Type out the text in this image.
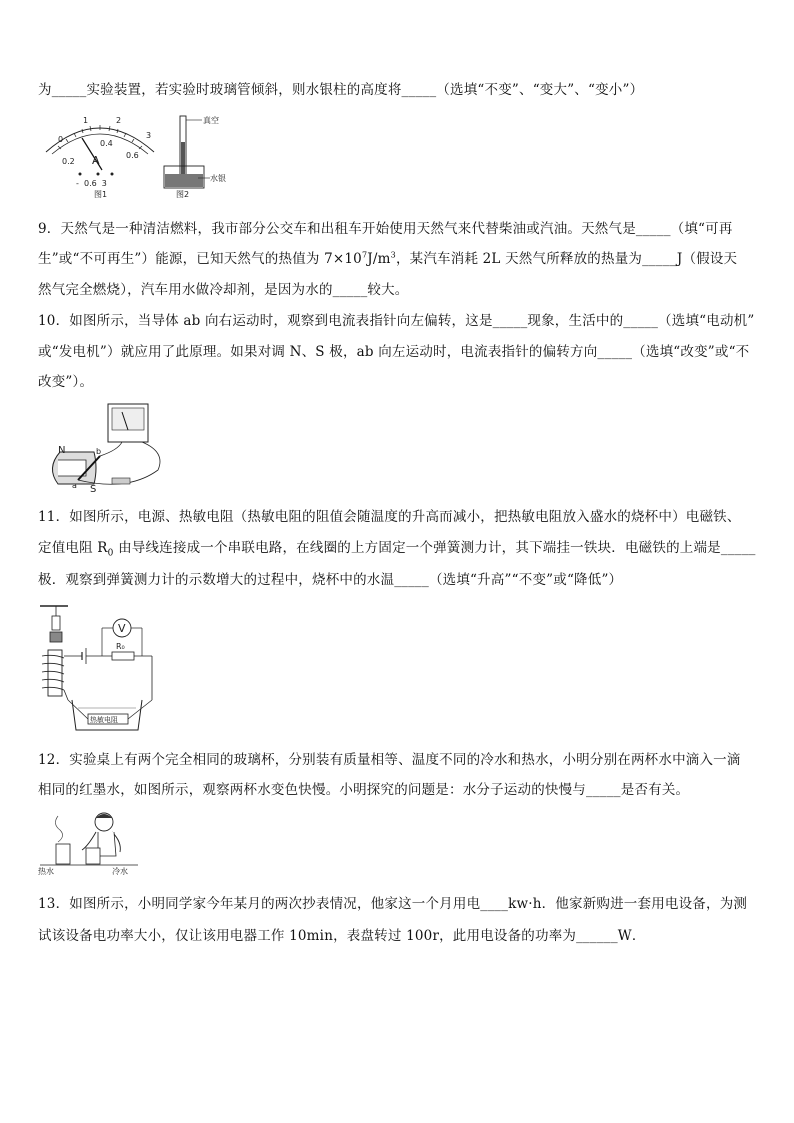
为_____实验装置，若实验时玻璃管倾斜，则水银柱的高度将_____（选填“不变”、“变大”、“变小”）
0
1	2
3
0.2
0.4
0.6
A
-  0.6  3
图1
真空
水银
图2
9．天然气是一种清洁燃料，我市部分公交车和出租车开始使用天然气来代替柴油或汽油。天然气是_____（填“可再
生”或“不可再生”）能源，已知天然气的热值为 $7\times 10^7J/m^3$，某汽车消耗 2L 天然气所释放的热量为_____J（假设天
然气完全燃烧），汽车用水做冷却剂，是因为水的_____较大。
10．如图所示，当导体 ab 向右运动时，观察到电流表指针向左偏转，这是_____现象，生活中的_____（选填“电动机”
或“发电机”）就应用了此原理。如果对调 N、S 极，ab 向左运动时，电流表指针的偏转方向_____（选填“改变”或“不
改变”）。
N
S
b
a
11．如图所示，电源、热敏电阻（热敏电阻的阻值会随温度的升高而减小，把热敏电阻放入盛水的烧杯中）电磁铁、
定值电阻 $R_0$ 由导线连接成一个串联电路，在线圈的上方固定一个弹簧测力计，其下端挂一铁块．电磁铁的上端是_____
极．观察到弹簧测力计的示数增大的过程中，烧杯中的水温_____（选填“升高”“不变”或“降低”）
R₀
V
热敏电阻
12．实验桌上有两个完全相同的玻璃杯，分别装有质量相等、温度不同的冷水和热水，小明分别在两杯水中滴入一滴
相同的红墨水，如图所示，观察两杯水变色快慢。小明探究的问题是：水分子运动的快慢与_____是否有关。
热水	冷水
13．如图所示，小明同学家今年某月的两次抄表情况，他家这一个月用电____kw·h．他家新购进一套用电设备，为测
试该设备电功率大小，仅让该用电器工作 10min，表盘转过 100r，此用电设备的功率为______W．
